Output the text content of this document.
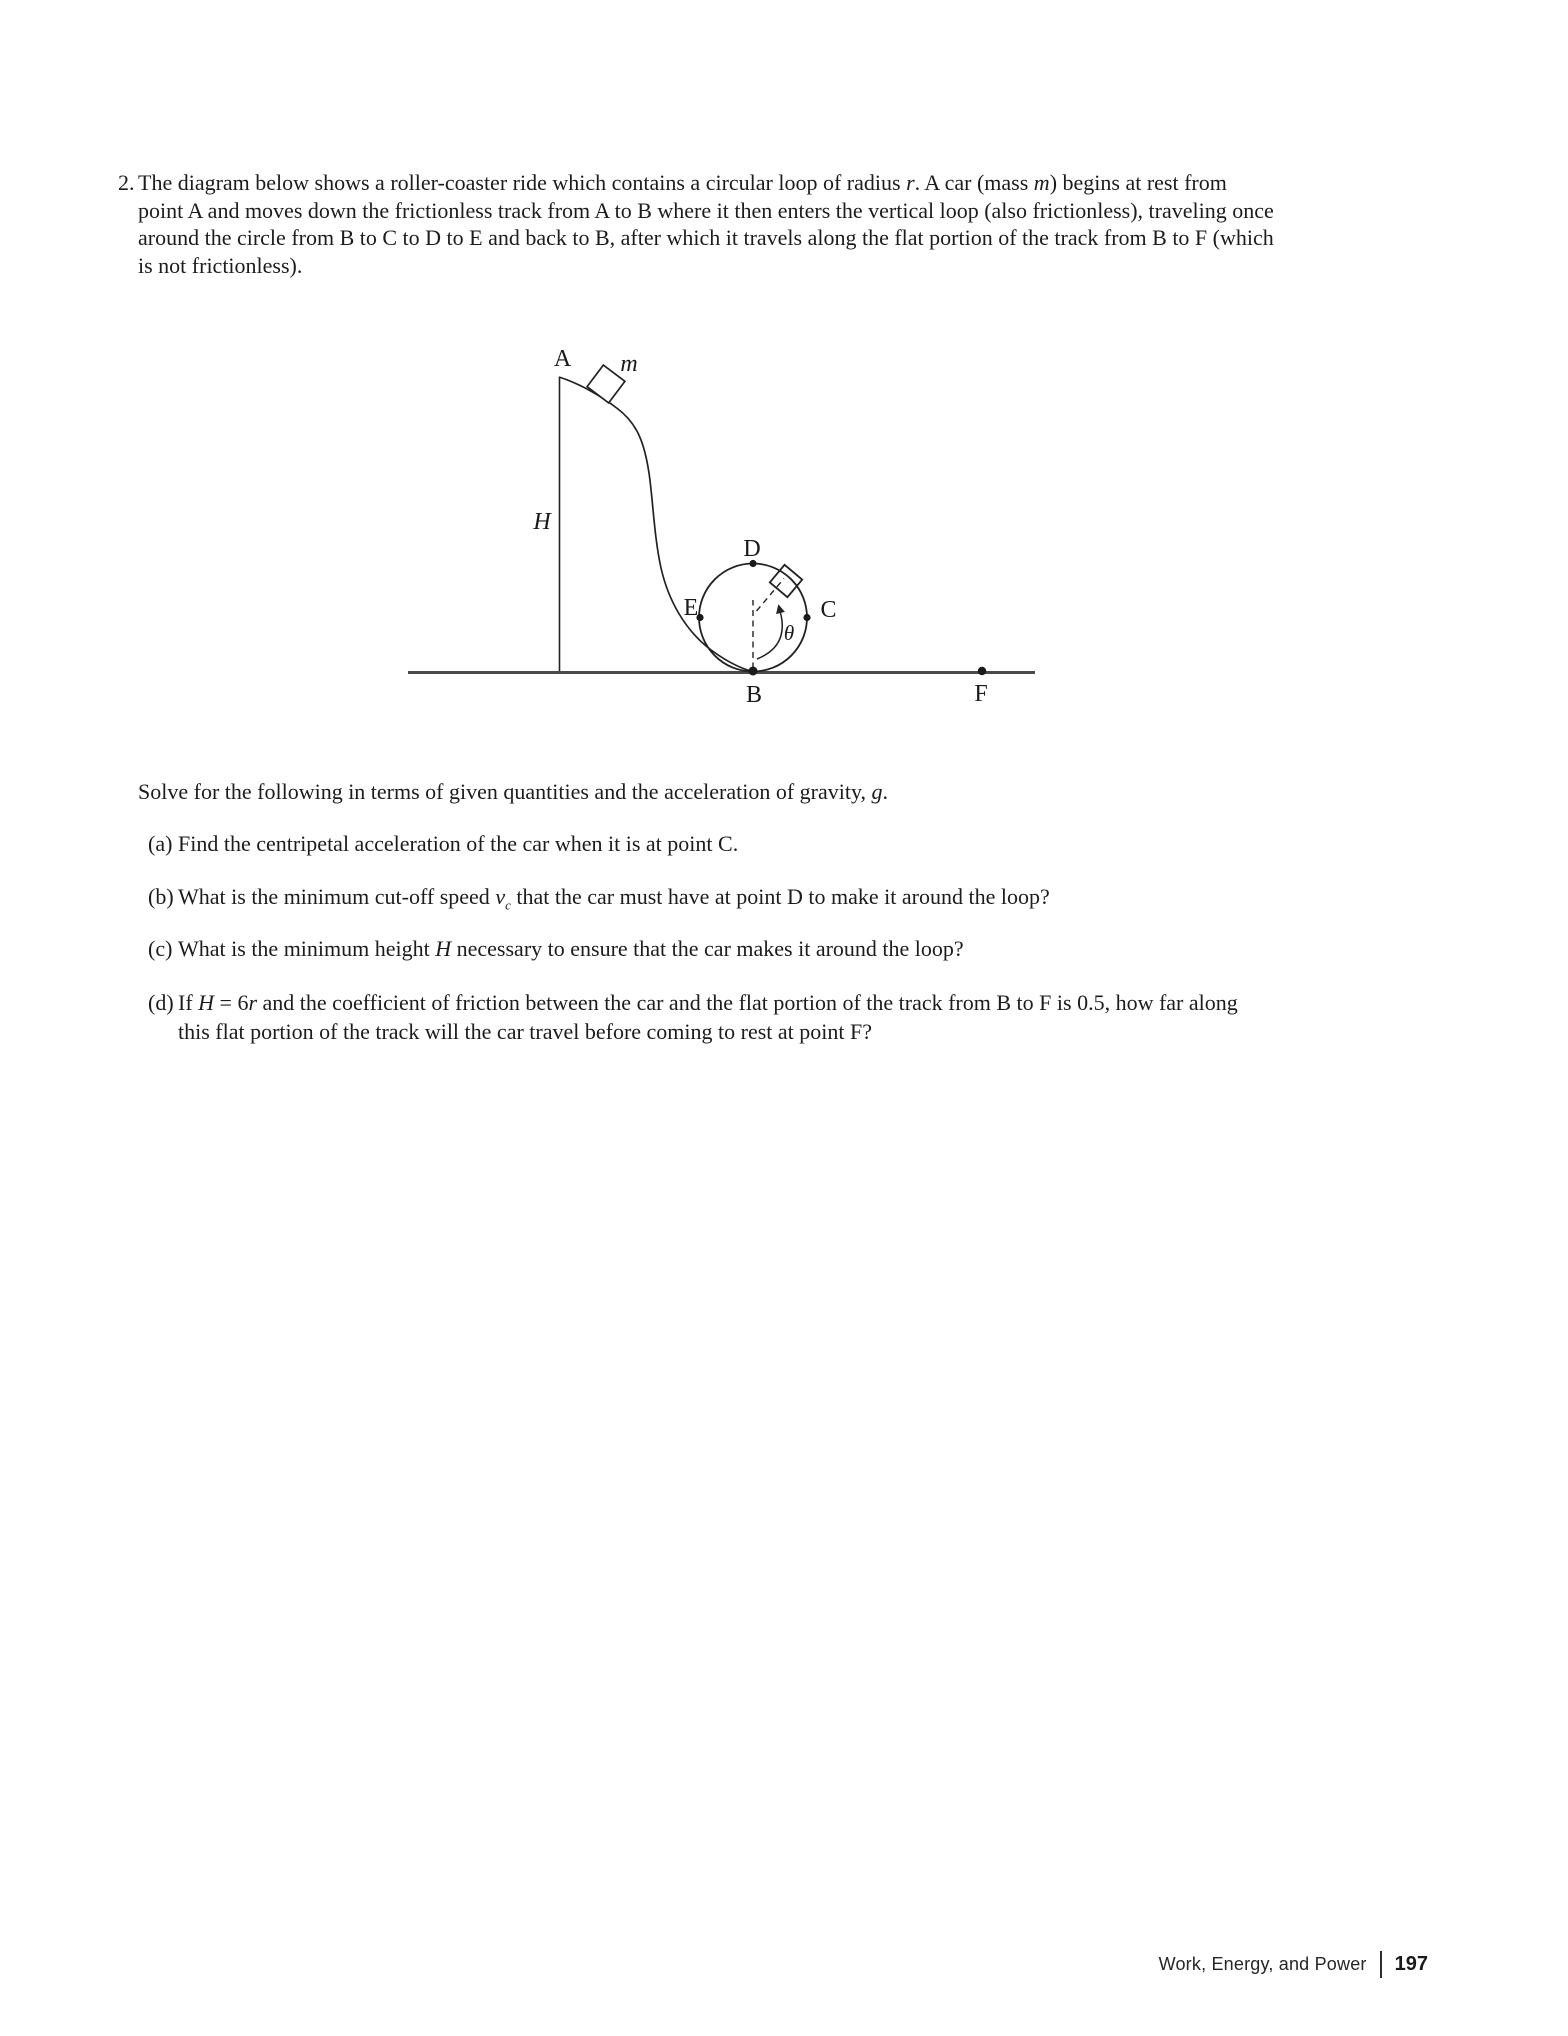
2. The diagram below shows a roller-coaster ride which contains a circular loop of radius r. A car (mass m) begins at rest from
point A and moves down the frictionless track from A to B where it then enters the vertical loop (also frictionless), traveling once
around the circle from B to C to D to E and back to B, after which it travels along the flat portion of the track from B to F (which
is not frictionless).
A m
H
D
E	C
B	F
θ
Solve for the following in terms of given quantities and the acceleration of gravity, g.
(a) Find the centripetal acceleration of the car when it is at point C.
(b) What is the minimum cut-off speed $v_c$ that the car must have at point D to make it around the loop?
(c) What is the minimum height H necessary to ensure that the car makes it around the loop?
(d) If H = 6r and the coefficient of friction between the car and the flat portion of the track from B to F is 0.5, how far along
this flat portion of the track will the car travel before coming to rest at point F?
Work, Energy, and Power 197
